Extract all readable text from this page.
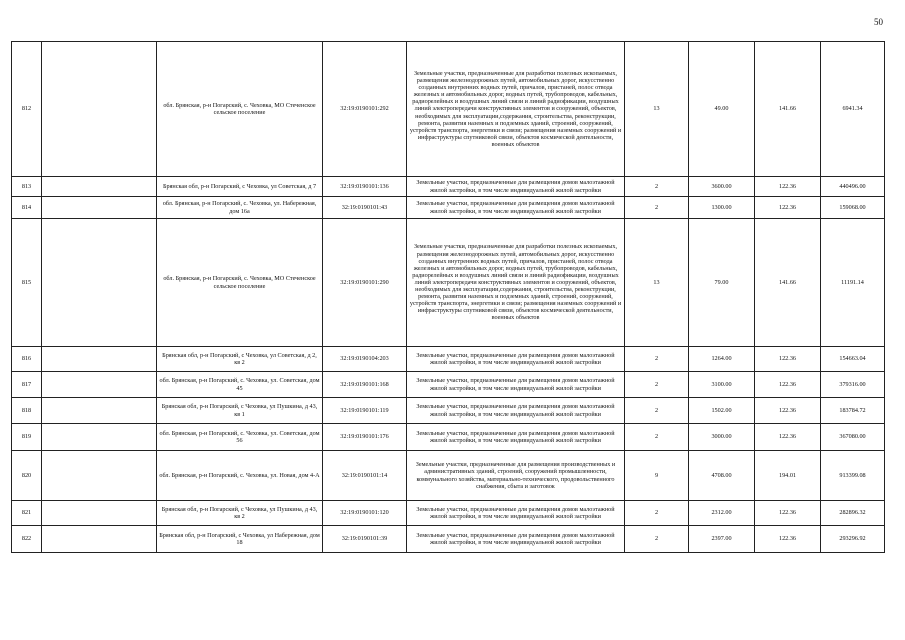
50
812		обл. Брянская, р-н Погарский, с. Чеховка, МО Стеченское сельское поселение	32:19:0190101:292	Земельные участки, предназначенные для разработки полезных ископаемых, размещения железнодорожных путей, автомобильных дорог, искусственно созданных внутренних водных путей, причалов, пристаней, полос отвода железных и автомобильных дорог, водных путей, трубопроводов, кабельных, радиорелейных и воздушных линий связи и линий радиофикации, воздушных линий электропередачи конструктивных элементов и сооружений, объектов, необходимых для эксплуатации,содержания, строительства, реконструкции, ремонта, развития наземных и подземных зданий, строений, сооружений, устройств транспорта, энергетики и связи; размещения наземных сооружений и инфраструктуры спутниковой связи, объектов космической деятельности, военных объектов	13	49.00	141.66	6941.34
813		Брянская обл, р-н Погарский, с Чеховка, ул Советская, д 7	32:19:0190101:136	Земельные участки, предназначенные для размещения домов малоэтажной жилой застройки, в том числе индивидуальной жилой застройки	2	3600.00	122.36	440496.00
814		обл. Брянская, р-н Погарский, с. Чеховка, ул. Набережная, дом 16а	32:19:0190101:43	Земельные участки, предназначенные для размещения домов малоэтажной жилой застройки, в том числе индивидуальной жилой застройки	2	1300.00	122.36	159068.00
815		обл. Брянская, р-н Погарский, с. Чеховка, МО Стеченское сельское поселение	32:19:0190101:290	Земельные участки, предназначенные для разработки полезных ископаемых, размещения железнодорожных путей, автомобильных дорог, искусственно созданных внутренних водных путей, причалов, пристаней, полос отвода железных и автомобильных дорог, водных путей, трубопроводов, кабельных, радиорелейных и воздушных линий связи и линий радиофикации, воздушных линий электропередачи конструктивных элементов и сооружений, объектов, необходимых для эксплуатации,содержания, строительства, реконструкции, ремонта, развития наземных и подземных зданий, строений, сооружений, устройств транспорта, энергетики и связи; размещения наземных сооружений и инфраструктуры спутниковой связи, объектов космической деятельности, военных объектов	13	79.00	141.66	11191.14
816		Брянская обл, р-н Погарский, с Чеховка, ул Советская, д 2, кв 2	32:19:0190104:203	Земельные участки, предназначенные для размещения домов малоэтажной жилой застройки, в том числе индивидуальной жилой застройки	2	1264.00	122.36	154663.04
817		обл. Брянская, р-н Погарский, с. Чеховка, ул. Советская, дом 45	32:19:0190101:168	Земельные участки, предназначенные для размещения домов малоэтажной жилой застройки, в том числе индивидуальной жилой застройки	2	3100.00	122.36	379316.00
818		Брянская обл, р-н Погарский, с Чеховка, ул Пушкина, д 43, кв 1	32:19:0190101:119	Земельные участки, предназначенные для размещения домов малоэтажной жилой застройки, в том числе индивидуальной жилой застройки	2	1502.00	122.36	183784.72
819		обл. Брянская, р-н Погарский, с. Чеховка, ул. Советская, дом 56	32:19:0190101:176	Земельные участки, предназначенные для размещения домов малоэтажной жилой застройки, в том числе индивидуальной жилой застройки	2	3000.00	122.36	367080.00
820		обл. Брянская, р-н Погарский, с. Чеховка, ул. Новая, дом 4-А	32:19:0190101:14	Земельные участки, предназначенные для размещения производственных и административных зданий, строений, сооружений промышленности, коммунального хозяйства, материально-технического, продовольственного снабжения, сбыта и заготовок	9	4708.00	194.01	913399.08
821		Брянская обл, р-н Погарский, с Чеховка, ул Пушкина, д 43, кв 2	32:19:0190101:120	Земельные участки, предназначенные для размещения домов малоэтажной жилой застройки, в том числе индивидуальной жилой застройки	2	2312.00	122.36	282896.32
822		Брянская обл, р-н Погарский, с Чеховка, ул Набережная, дом 18	32:19:0190101:39	Земельные участки, предназначенные для размещения домов малоэтажной жилой застройки, в том числе индивидуальной жилой застройки	2	2397.00	122.36	293296.92
